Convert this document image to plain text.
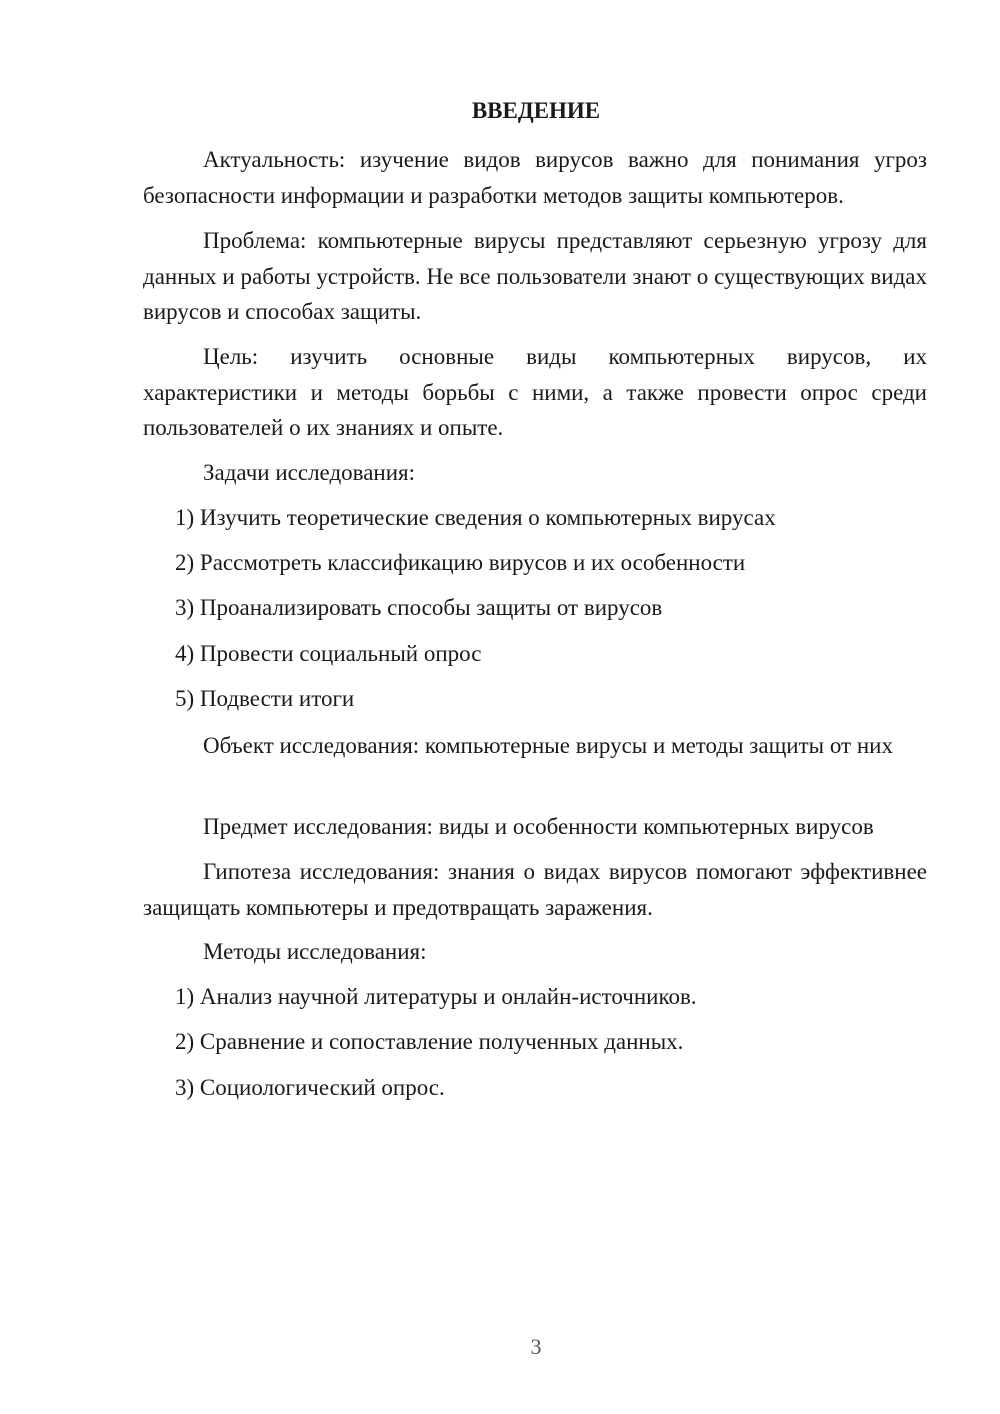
ВВЕДЕНИЕ

Актуальность: изучение видов вирусов важно для понимания угроз безопасности информации и разработки методов защиты компьютеров.

Проблема: компьютерные вирусы представляют серьезную угрозу для данных и работы устройств. Не все пользователи знают о существующих видах вирусов и способах защиты.

Цель: изучить основные виды компьютерных вирусов, их характеристики и методы борьбы с ними, а также провести опрос среди пользователей о их знаниях и опыте.

Задачи исследования:

1) Изучить теоретические сведения о компьютерных вирусах

2) Рассмотреть классификацию вирусов и их особенности

3) Проанализировать способы защиты от вирусов

4) Провести социальный опрос

5) Подвести итоги

Объект исследования: компьютерные вирусы и методы защиты от них

Предмет исследования: виды и особенности компьютерных вирусов

Гипотеза исследования: знания о видах вирусов помогают эффективнее защищать компьютеры и предотвращать заражения.

Методы исследования:

1) Анализ научной литературы и онлайн-источников.

2) Сравнение и сопоставление полученных данных.

3) Социологический опрос.

3
